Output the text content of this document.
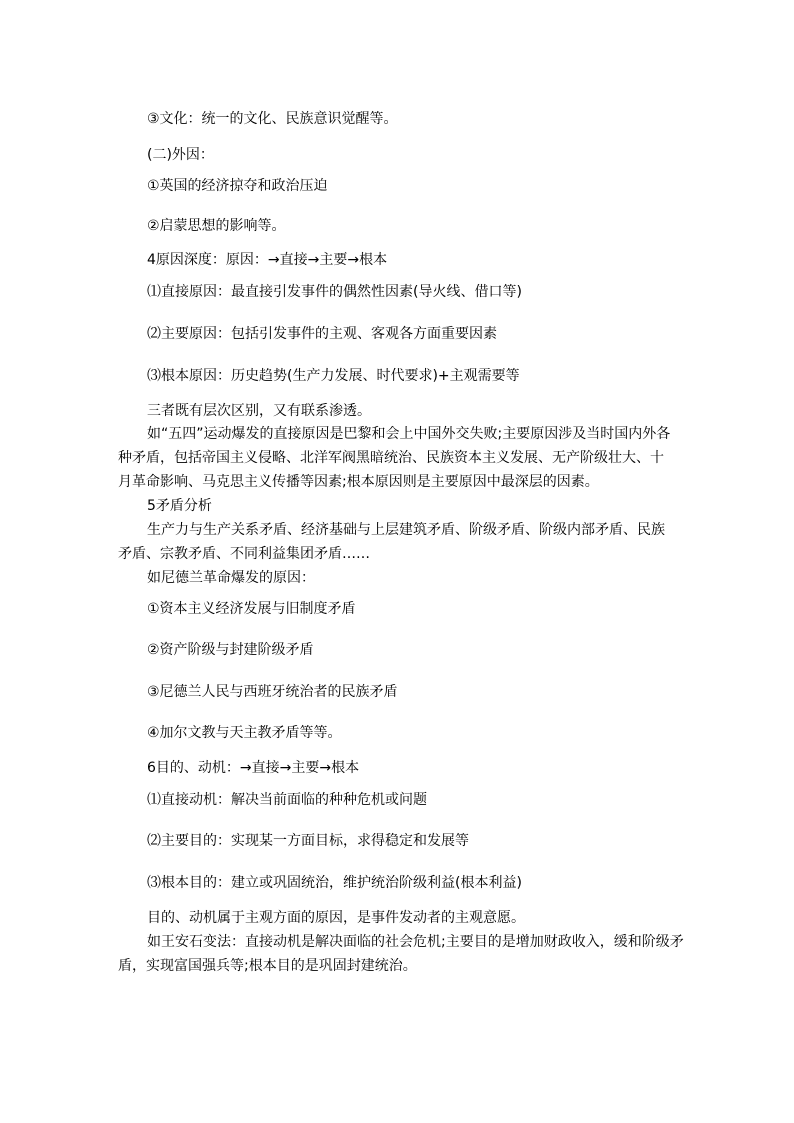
③文化：统一的文化、民族意识觉醒等。
(二)外因：
①英国的经济掠夺和政治压迫
②启蒙思想的影响等。
4原因深度：原因：→直接→主要→根本
⑴直接原因：最直接引发事件的偶然性因素(导火线、借口等)
⑵主要原因：包括引发事件的主观、客观各方面重要因素
⑶根本原因：历史趋势(生产力发展、时代要求)+主观需要等
三者既有层次区别，又有联系渗透。
如“五四”运动爆发的直接原因是巴黎和会上中国外交失败;主要原因涉及当时国内外各
种矛盾，包括帝国主义侵略、北洋军阀黑暗统治、民族资本主义发展、无产阶级壮大、十
月革命影响、马克思主义传播等因素;根本原因则是主要原因中最深层的因素。
5矛盾分析
生产力与生产关系矛盾、经济基础与上层建筑矛盾、阶级矛盾、阶级内部矛盾、民族
矛盾、宗教矛盾、不同利益集团矛盾……
如尼德兰革命爆发的原因：
①资本主义经济发展与旧制度矛盾
②资产阶级与封建阶级矛盾
③尼德兰人民与西班牙统治者的民族矛盾
④加尔文教与天主教矛盾等等。
6目的、动机：→直接→主要→根本
⑴直接动机：解决当前面临的种种危机或问题
⑵主要目的：实现某一方面目标，求得稳定和发展等
⑶根本目的：建立或巩固统治，维护统治阶级利益(根本利益)
目的、动机属于主观方面的原因，是事件发动者的主观意愿。
如王安石变法：直接动机是解决面临的社会危机;主要目的是增加财政收入，缓和阶级矛
盾，实现富国强兵等;根本目的是巩固封建统治。
